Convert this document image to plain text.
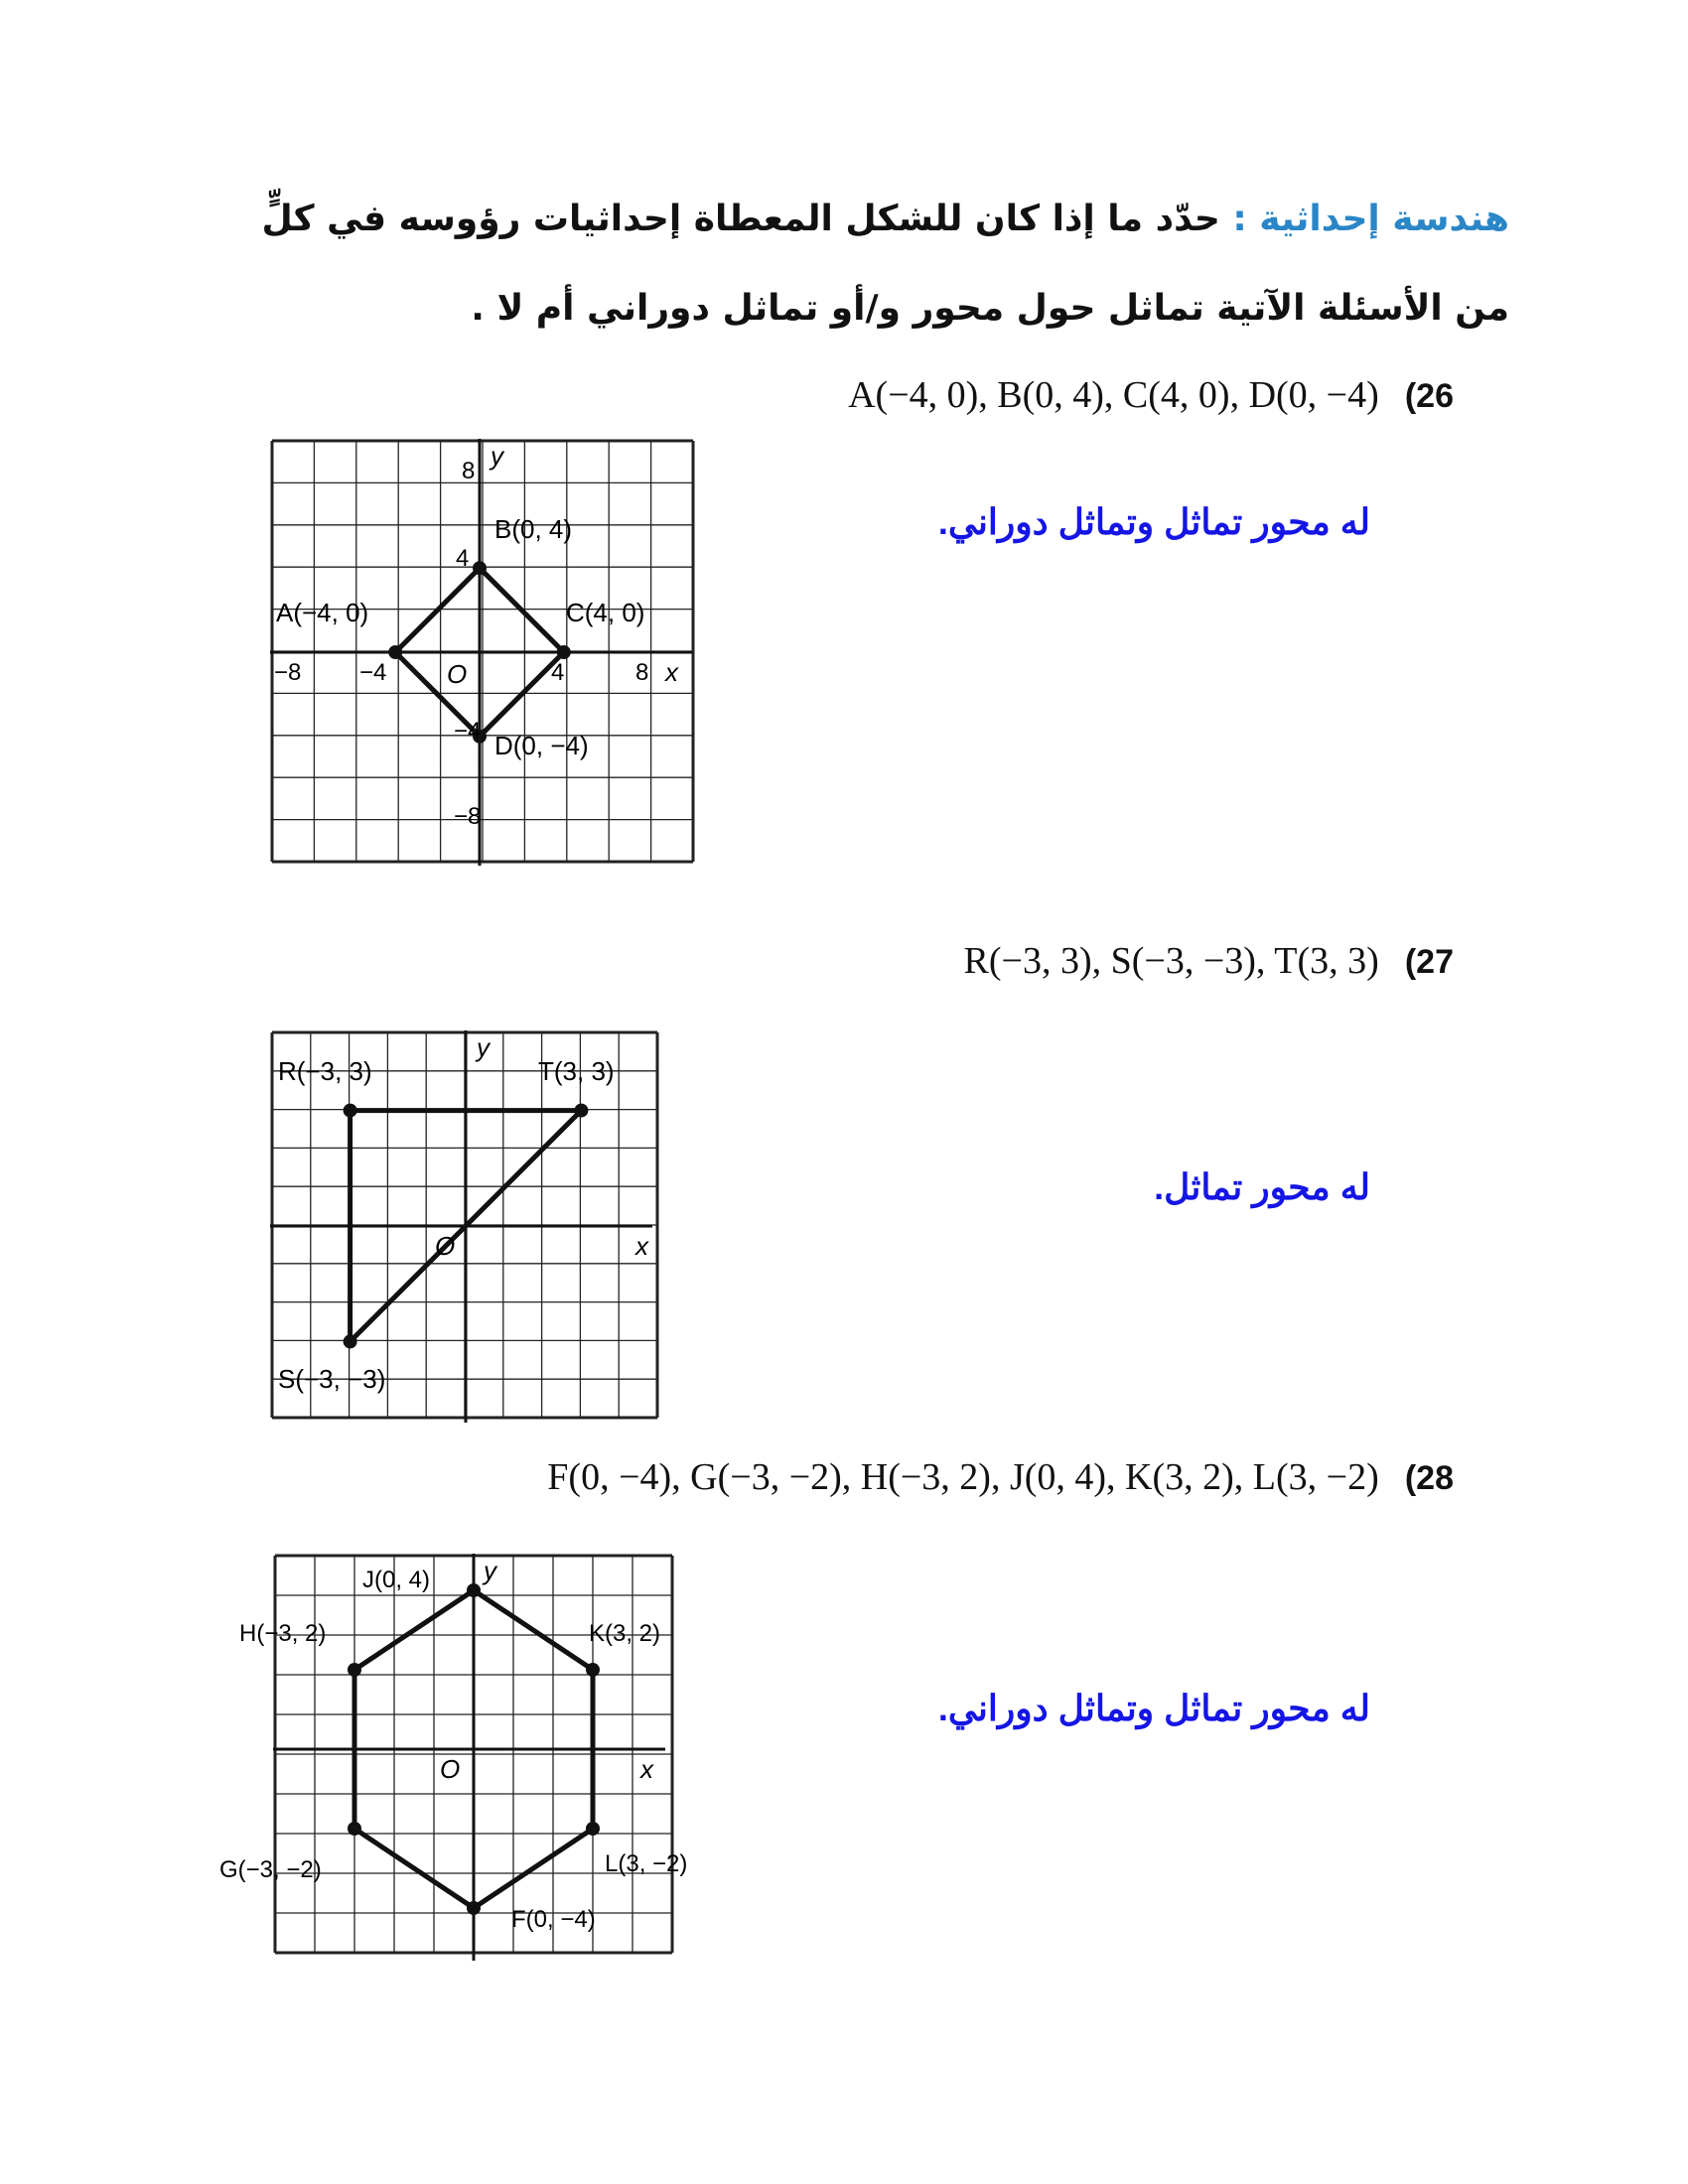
هندسة إحداثية : حدّد ما إذا كان للشكل المعطاة إحداثيات رؤوسه في كلٍّ
من الأسئلة الآتية تماثل حول محور و/أو تماثل دوراني أم لا .
A(−4, 0), B(0, 4), C(4, 0), D(0, −4) (26
8
4
−8 −4	4	8
−4
−8
x
y
O
A(−4, 0)
B(0, 4)
C(4, 0)
D(0, −4)
له محور تماثل وتماثل دوراني.
R(−3, 3), S(−3, −3), T(3, 3) (27
x
y
O
R(−3, 3)
S(−3, −3)
T(3, 3)
له محور تماثل.
F(0, −4), G(−3, −2), H(−3, 2), J(0, 4), K(3, 2), L(3, −2) (28
x
y
O
J(0, 4)
H(−3, 2)	K(3, 2)
G(−3, −2)	L(3, −2)
F(0, −4)
له محور تماثل وتماثل دوراني.
